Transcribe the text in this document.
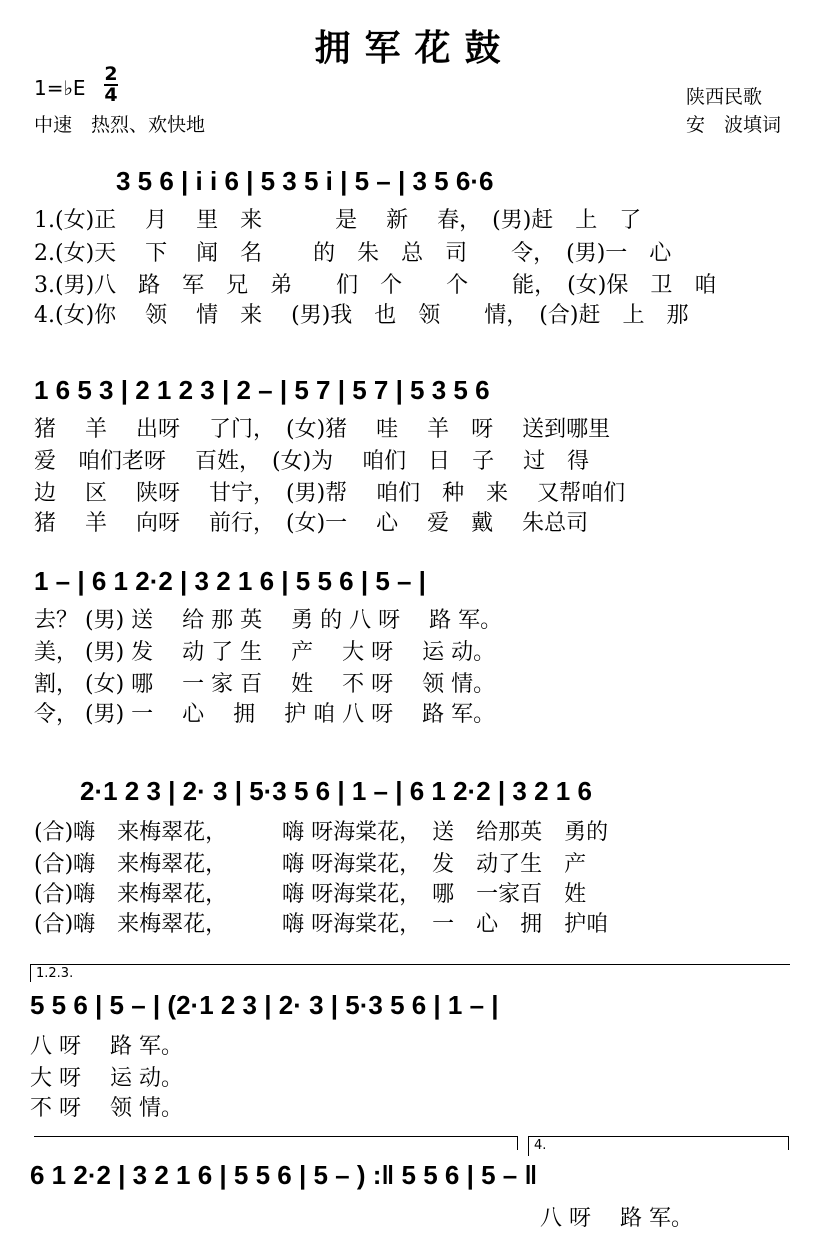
拥军花鼓
1=♭E
2
4
中速　热烈、欢快地
陕西民歌
安　波填词
3 5 6 | i i 6 | 5 3 5 i | 5 – | 3 5 6·6
1.(女)正　 月　 里　来　　　 是　 新　 春，　(男)赶　上　了
2.(女)天　 下　 闻　名　　 的　朱　总　司　　令，　(男)一　心
3.(男)八　路　军　兄　弟　　们　个　　个　　能，　(女)保　卫　咱
4.(女)你　 领　 情　来　 (男)我　也　领　　情，　(合)赶　上　那
1 6 5 3 | 2 1 2 3 | 2 – | 5 7 | 5 7 | 5 3 5 6
猪　 羊　 出呀　 了门，　(女)猪　 哇　 羊　呀　 送到哪里
爱　咱们老呀　 百姓，　(女)为　 咱们　日　子　 过　得
边　 区　 陕呀　 甘宁，　(男)帮　 咱们　种　来　 又帮咱们
猪　 羊　 向呀　 前行，　(女)一　 心　 爱　戴　 朱总司
1 – | 6 1 2·2 | 3 2 1 6 | 5 5 6 | 5 – |
去？ (男) 送　 给 那 英　 勇 的 八 呀　 路 军。
美， (男) 发　 动 了 生　 产　 大 呀　 运 动。
割， (女) 哪　 一 家 百　 姓　 不 呀　 领 情。
令， (男) 一　 心　 拥　 护 咱 八 呀　 路 军。
2·1 2 3 | 2· 3 | 5·3 5 6 | 1 – | 6 1 2·2 | 3 2 1 6
(合)嗨　来梅翠花，　　　嗨 呀海棠花，　送　给那英　勇的
(合)嗨　来梅翠花，　　　嗨 呀海棠花，　发　动了生　产
(合)嗨　来梅翠花，　　　嗨 呀海棠花，　哪　一家百　姓
(合)嗨　来梅翠花，　　　嗨 呀海棠花，　一　心　拥　护咱
1.2.3.
5 5 6 | 5 – | (2·1 2 3 | 2· 3 | 5·3 5 6 | 1 – |
八 呀　 路 军。
大 呀　 运 动。
不 呀　 领 情。
4.
6 1 2·2 | 3 2 1 6 | 5 5 6 | 5 – ) :‖ 5 5 6 | 5 – ‖
八 呀　 路 军。
